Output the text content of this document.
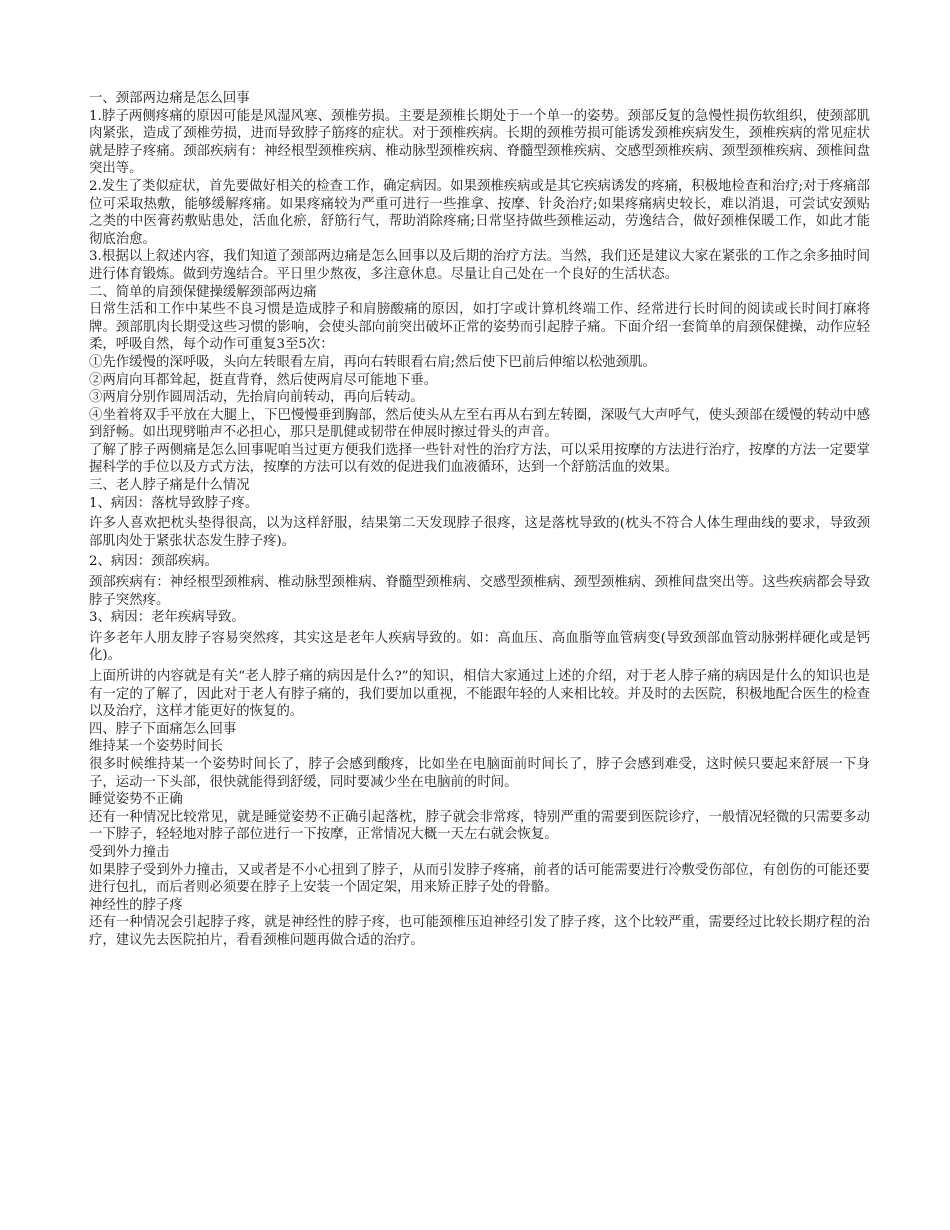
一、颈部两边痛是怎么回事
1.脖子两侧疼痛的原因可能是风湿风寒、颈椎劳损。主要是颈椎长期处于一个单一的姿势。颈部反复的急慢性损伤软组织，使颈部肌肉紧张，造成了颈椎劳损，进而导致脖子筋疼的症状。对于颈椎疾病。长期的颈椎劳损可能诱发颈椎疾病发生，颈椎疾病的常见症状就是脖子疼痛。颈部疾病有：神经根型颈椎疾病、椎动脉型颈椎疾病、脊髓型颈椎疾病、交感型颈椎疾病、颈型颈椎疾病、颈椎间盘突出等。
2.发生了类似症状，首先要做好相关的检查工作，确定病因。如果颈椎疾病或是其它疾病诱发的疼痛，积极地检查和治疗;对于疼痛部位可采取热敷，能够缓解疼痛。如果疼痛较为严重可进行一些推拿、按摩、针灸治疗;如果疼痛病史较长，难以消退，可尝试安颈贴之类的中医膏药敷贴患处，活血化瘀，舒筋行气，帮助消除疼痛;日常坚持做些颈椎运动，劳逸结合，做好颈椎保暖工作，如此才能彻底治愈。
3.根据以上叙述内容，我们知道了颈部两边痛是怎么回事以及后期的治疗方法。当然，我们还是建议大家在紧张的工作之余多抽时间进行体育锻炼。做到劳逸结合。平日里少熬夜，多注意休息。尽量让自己处在一个良好的生活状态。
二、简单的肩颈保健操缓解颈部两边痛
日常生活和工作中某些不良习惯是造成脖子和肩膀酸痛的原因，如打字或计算机终端工作、经常进行长时间的阅读或长时间打麻将牌。颈部肌肉长期受这些习惯的影响，会使头部向前突出破坏正常的姿势而引起脖子痛。下面介绍一套简单的肩颈保健操，动作应轻柔，呼吸自然，每个动作可重复3至5次：
①先作缓慢的深呼吸，头向左转眼看左肩，再向右转眼看右肩;然后使下巴前后伸缩以松弛颈肌。
②两肩向耳都耸起，挺直背脊，然后使两肩尽可能地下垂。
③两肩分别作圆周活动，先抬肩向前转动，再向后转动。
④坐着将双手平放在大腿上，下巴慢慢垂到胸部，然后使头从左至右再从右到左转圈，深吸气大声呼气，使头颈部在缓慢的转动中感到舒畅。如出现劈啪声不必担心，那只是肌健或韧带在伸展时擦过骨头的声音。
了解了脖子两侧痛是怎么回事呢咱当过更方便我们选择一些针对性的治疗方法，可以采用按摩的方法进行治疗，按摩的方法一定要掌握科学的手位以及方式方法，按摩的方法可以有效的促进我们血液循环，达到一个舒筋活血的效果。
三、老人脖子痛是什么情况
1、病因：落枕导致脖子疼。
许多人喜欢把枕头垫得很高，以为这样舒服，结果第二天发现脖子很疼，这是落枕导致的(枕头不符合人体生理曲线的要求，导致颈部肌肉处于紧张状态发生脖子疼)。
2、病因：颈部疾病。
颈部疾病有：神经根型颈椎病、椎动脉型颈椎病、脊髓型颈椎病、交感型颈椎病、颈型颈椎病、颈椎间盘突出等。这些疾病都会导致脖子突然疼。
3、病因：老年疾病导致。
许多老年人朋友脖子容易突然疼，其实这是老年人疾病导致的。如：高血压、高血脂等血管病变(导致颈部血管动脉粥样硬化或是钙化)。
上面所讲的内容就是有关“老人脖子痛的病因是什么?”的知识，相信大家通过上述的介绍，对于老人脖子痛的病因是什么的知识也是有一定的了解了，因此对于老人有脖子痛的，我们要加以重视，不能跟年轻的人来相比较。并及时的去医院，积极地配合医生的检查以及治疗，这样才能更好的恢复的。
四、脖子下面痛怎么回事
维持某一个姿势时间长
很多时候维持某一个姿势时间长了，脖子会感到酸疼，比如坐在电脑面前时间长了，脖子会感到难受，这时候只要起来舒展一下身子，运动一下头部，很快就能得到舒缓，同时要减少坐在电脑前的时间。
睡觉姿势不正确
还有一种情况比较常见，就是睡觉姿势不正确引起落枕，脖子就会非常疼，特别严重的需要到医院诊疗，一般情况轻微的只需要多动一下脖子，轻轻地对脖子部位进行一下按摩，正常情况大概一天左右就会恢复。
受到外力撞击
如果脖子受到外力撞击，又或者是不小心扭到了脖子，从而引发脖子疼痛，前者的话可能需要进行冷敷受伤部位，有创伤的可能还要进行包扎，而后者则必须要在脖子上安装一个固定架，用来矫正脖子处的骨骼。
神经性的脖子疼
还有一种情况会引起脖子疼，就是神经性的脖子疼，也可能颈椎压迫神经引发了脖子疼，这个比较严重，需要经过比较长期疗程的治疗，建议先去医院拍片，看看颈椎问题再做合适的治疗。
